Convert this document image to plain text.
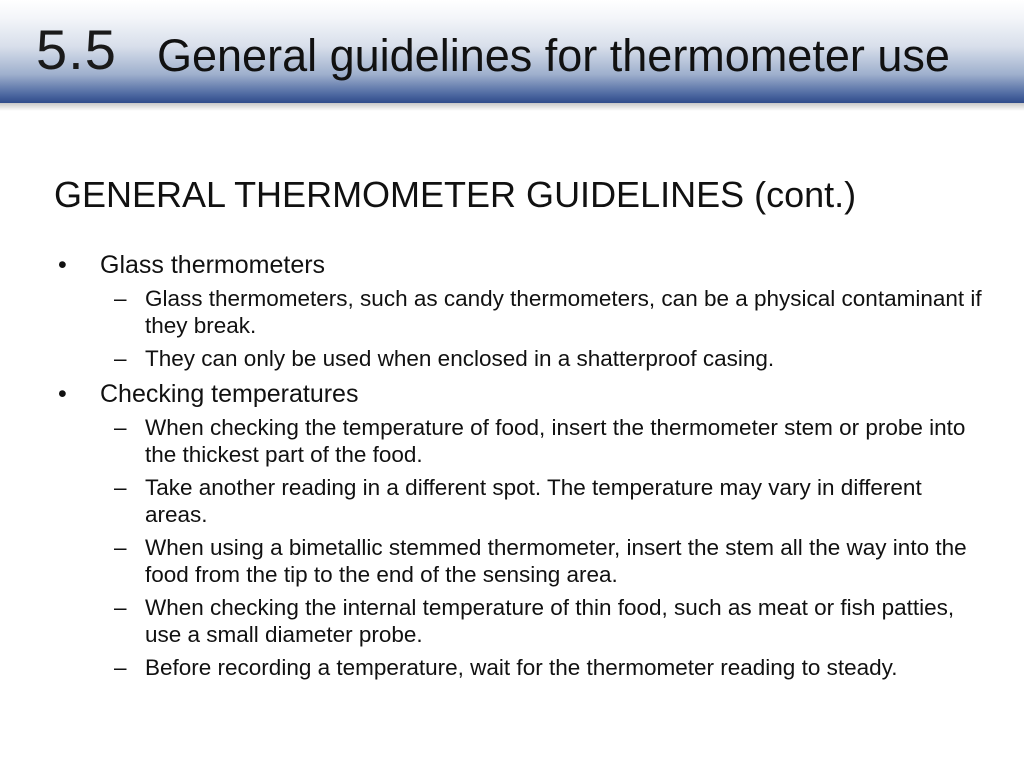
5.5 General guidelines for thermometer use
GENERAL THERMOMETER GUIDELINES (cont.)
• Glass thermometers
– Glass thermometers, such as candy thermometers, can be a physical contaminant if they break.
– They can only be used when enclosed in a shatterproof casing.
• Checking temperatures
– When checking the temperature of food, insert the thermometer stem or probe into the thickest part of the food.
– Take another reading in a different spot. The temperature may vary in different areas.
– When using a bimetallic stemmed thermometer, insert the stem all the way into the food from the tip to the end of the sensing area.
– When checking the internal temperature of thin food, such as meat or fish patties, use a small diameter probe.
– Before recording a temperature, wait for the thermometer reading to steady.
